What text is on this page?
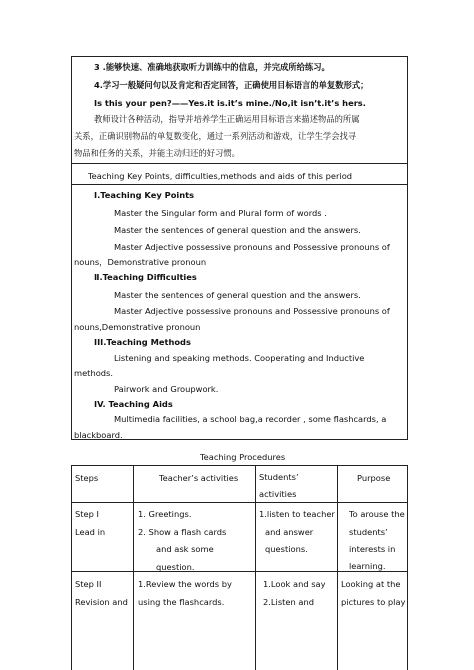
3 .能够快速、准确地获取听力训练中的信息，并完成所给练习。
4.学习一般疑问句以及肯定和否定回答，正确使用目标语言的单复数形式；
Is this your pen?——Yes.it is.it’s mine./No,it isn’t.it’s hers.
教师设计各种活动，指导并培养学生正确运用目标语言来描述物品的所属
关系，正确识别物品的单复数变化，通过一系列活动和游戏，让学生学会找寻
物品和任务的关系，并能主动归还的好习惯。
Teaching Key Points, difficulties,methods and aids of this period
Ⅰ.Teaching Key Points
Master the Singular form and Plural form of words .
Master the sentences of general question and the answers.
Master Adjective possessive pronouns and Possessive pronouns of
nouns，Demonstrative pronoun
Ⅱ.Teaching Difficulties
Master the sentences of general question and the answers.
Master Adjective possessive pronouns and Possessive pronouns of
nouns,Demonstrative pronoun
III.Teaching Methods
Listening and speaking methods. Cooperating and Inductive
methods.
Pairwork and Groupwork.
IV. Teaching Aids
Multimedia facilities, a school bag,a recorder , some flashcards, a
blackboard.
Teaching Procedures
Steps	Teacher’s activities	Students’
activities
Purpose
Step I
Lead in
1. Greetings.
2. Show a flash cards
and ask some
question.
1.listen to teacher
and answer
questions.
To arouse the
students’
interests in
learning.
Step II
Revision and
1.Review the words by
using the flashcards.
1.Look and say
2.Listen and
Looking at the
pictures to play
